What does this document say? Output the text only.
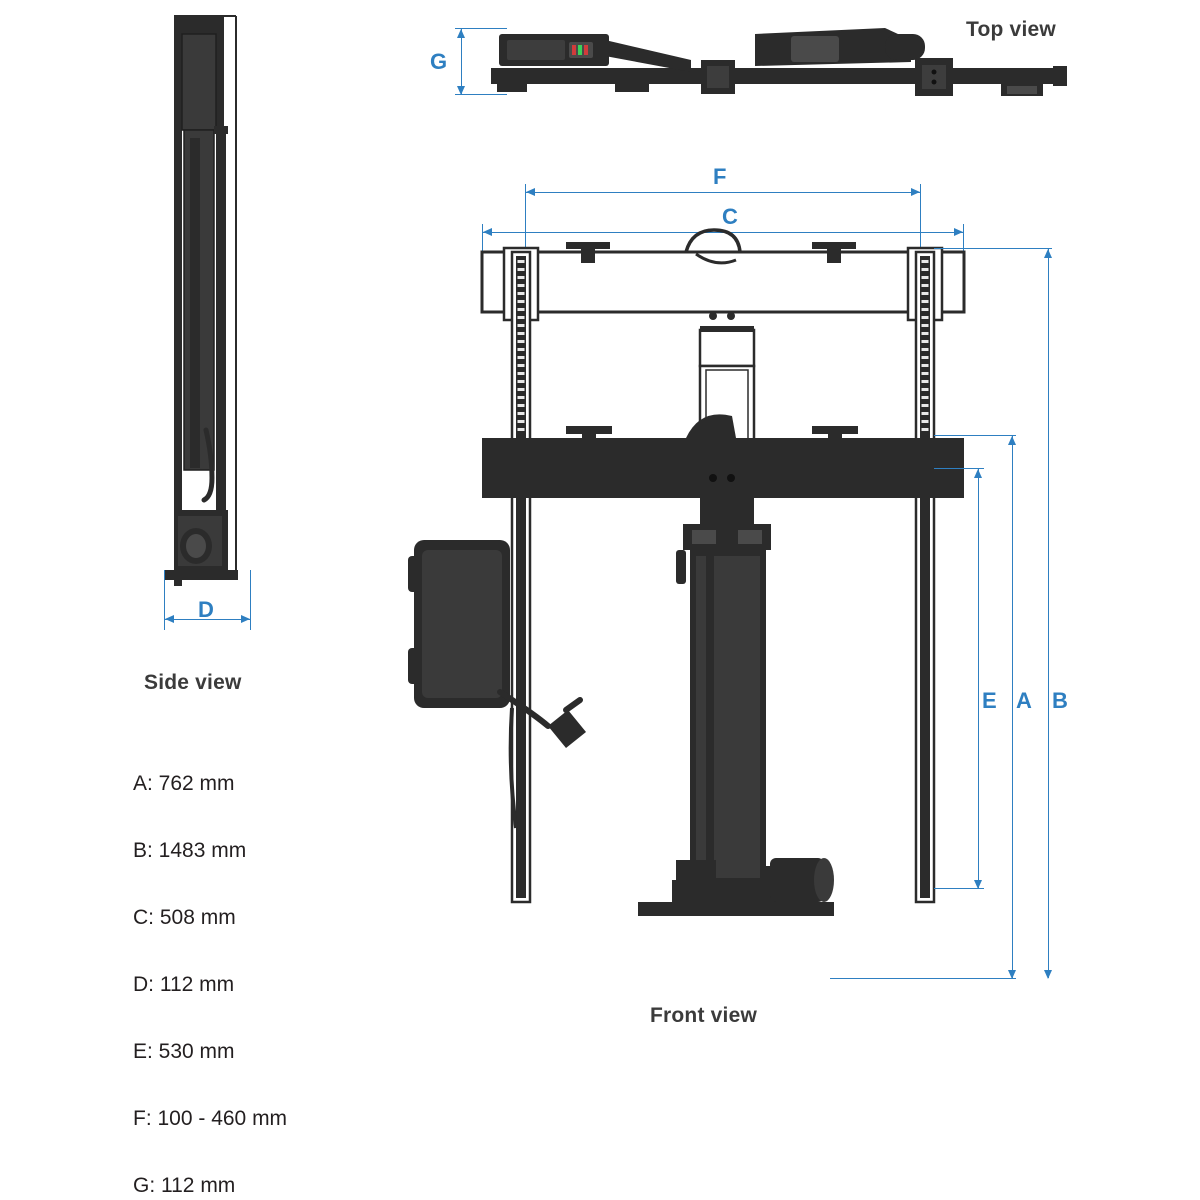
D
Side view
G
Top view
F
C
E A B
Front view
A: 762 mm
B: 1483 mm
C: 508 mm
D: 112 mm
E: 530 mm
F: 100 - 460 mm
G: 112 mm
